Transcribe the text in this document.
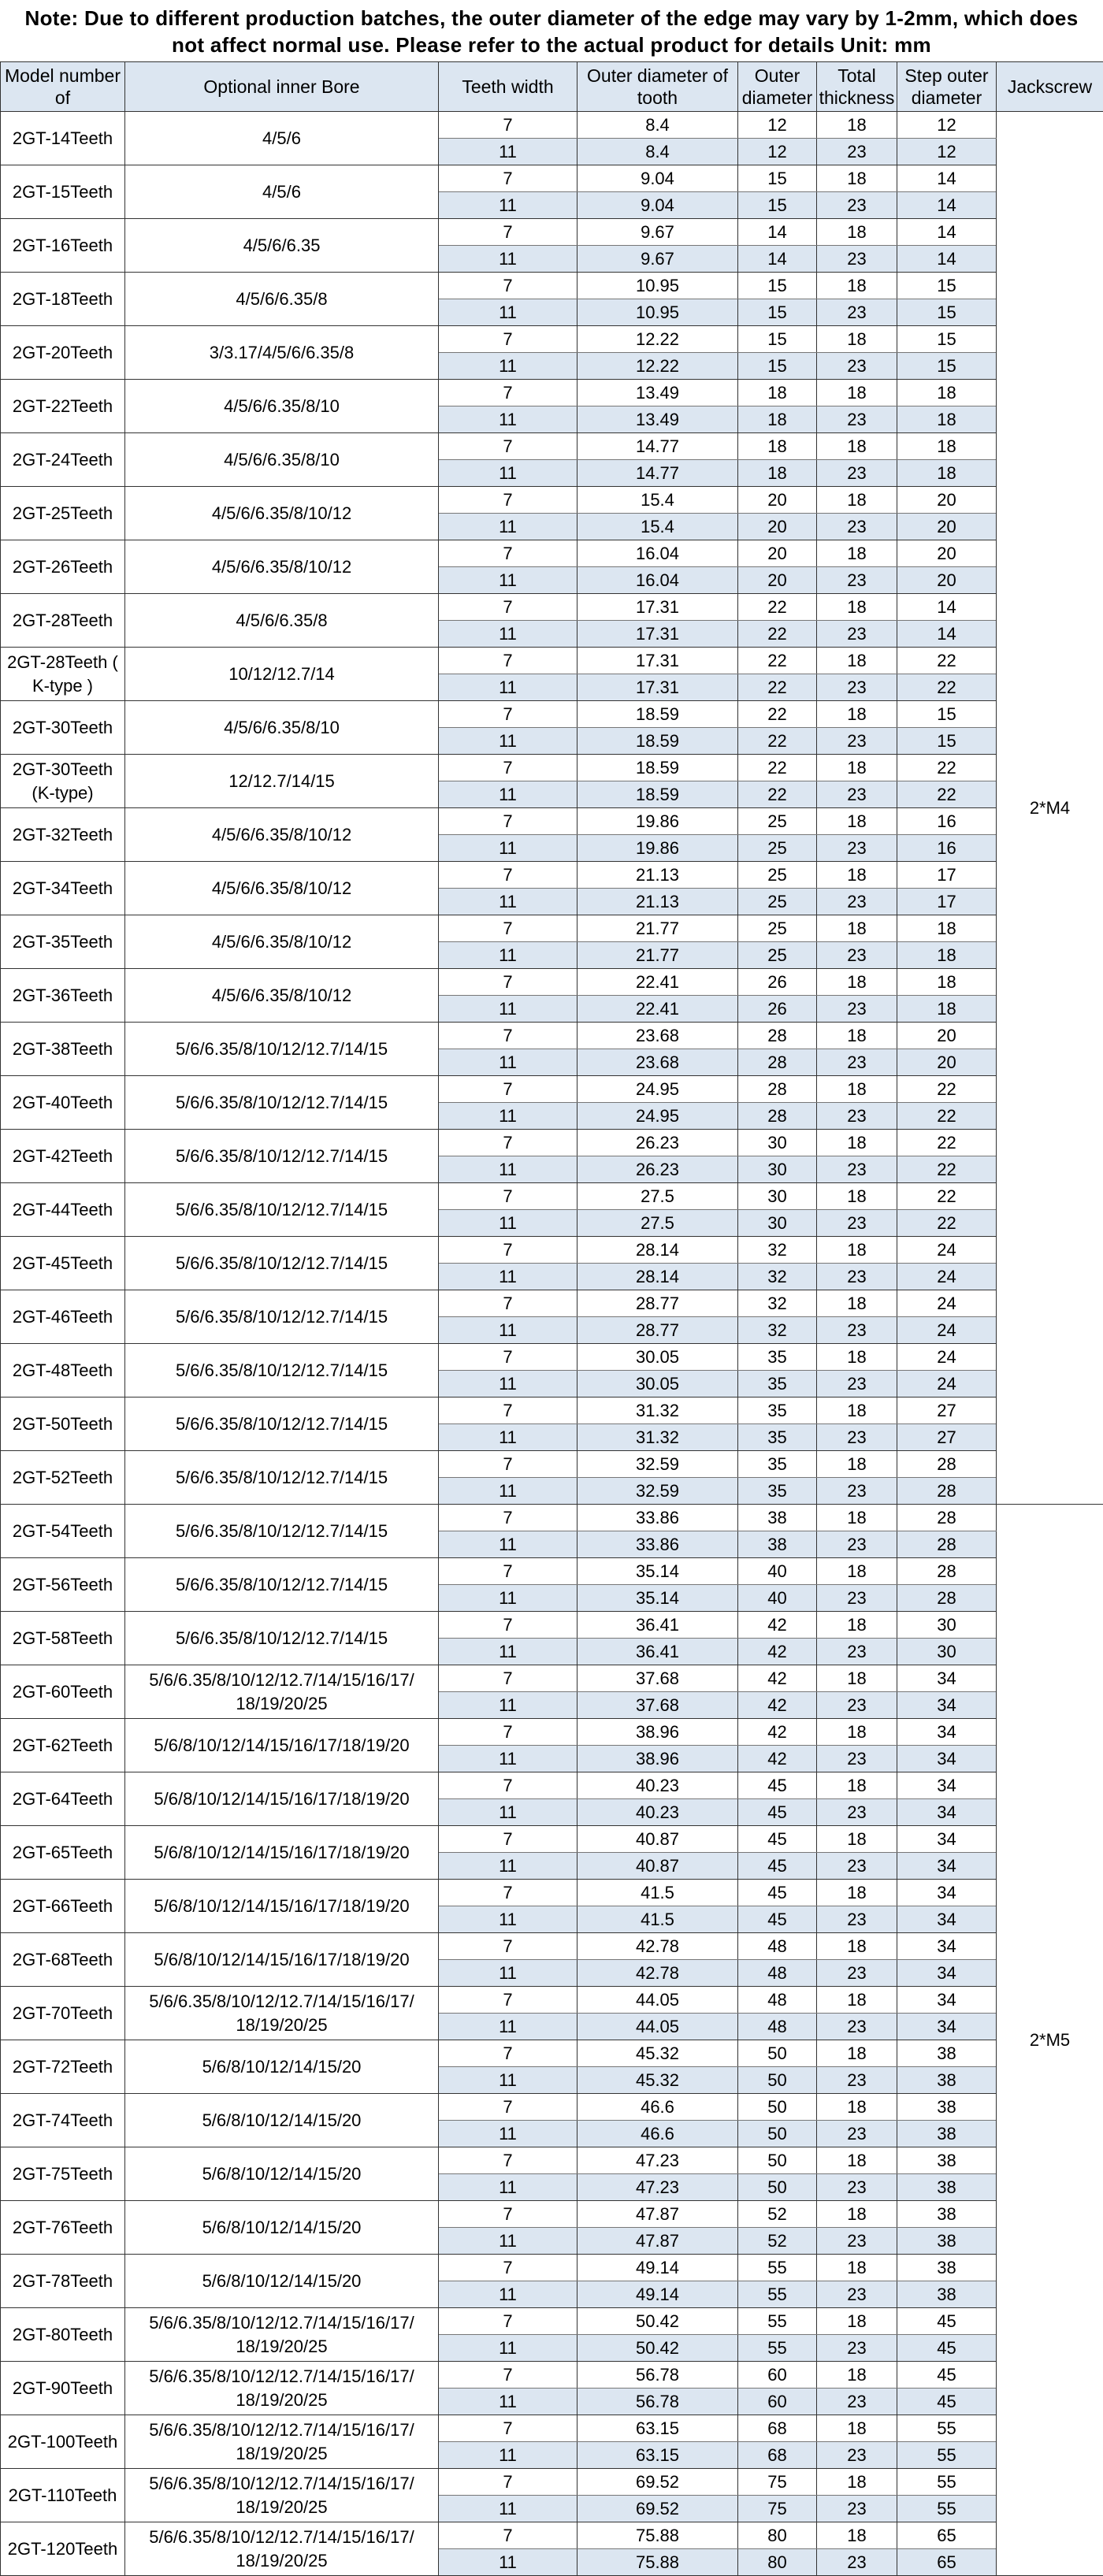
Note: Due to different production batches, the outer diameter of the edge may vary by 1-2mm, which does not affect normal use. Please refer to the actual product for details Unit: mm
Model number of	Optional inner Bore	Teeth width	Outer diameter of tooth	Outer diameter	Total thickness	Step outer diameter	Jackscrew
2GT-14Teeth	4/5/6	7	8.4	12	18	12	2*M4
		11	8.4	12	23	12	
2GT-15Teeth	4/5/6	7	9.04	15	18	14	
		11	9.04	15	23	14	
2GT-16Teeth	4/5/6/6.35	7	9.67	14	18	14	
		11	9.67	14	23	14	
2GT-18Teeth	4/5/6/6.35/8	7	10.95	15	18	15	
		11	10.95	15	23	15	
2GT-20Teeth	3/3.17/4/5/6/6.35/8	7	12.22	15	18	15	
		11	12.22	15	23	15	
2GT-22Teeth	4/5/6/6.35/8/10	7	13.49	18	18	18	
		11	13.49	18	23	18	
2GT-24Teeth	4/5/6/6.35/8/10	7	14.77	18	18	18	
		11	14.77	18	23	18	
2GT-25Teeth	4/5/6/6.35/8/10/12	7	15.4	20	18	20	
		11	15.4	20	23	20	
2GT-26Teeth	4/5/6/6.35/8/10/12	7	16.04	20	18	20	
		11	16.04	20	23	20	
2GT-28Teeth	4/5/6/6.35/8	7	17.31	22	18	14	
		11	17.31	22	23	14	
2GT-28Teeth ( K-type )	10/12/12.7/14	7	17.31	22	18	22	
		11	17.31	22	23	22	
2GT-30Teeth	4/5/6/6.35/8/10	7	18.59	22	18	15	
		11	18.59	22	23	15	
2GT-30Teeth (K-type)	12/12.7/14/15	7	18.59	22	18	22	
		11	18.59	22	23	22	
2GT-32Teeth	4/5/6/6.35/8/10/12	7	19.86	25	18	16	
		11	19.86	25	23	16	
2GT-34Teeth	4/5/6/6.35/8/10/12	7	21.13	25	18	17	
		11	21.13	25	23	17	
2GT-35Teeth	4/5/6/6.35/8/10/12	7	21.77	25	18	18	
		11	21.77	25	23	18	
2GT-36Teeth	4/5/6/6.35/8/10/12	7	22.41	26	18	18	
		11	22.41	26	23	18	
2GT-38Teeth	5/6/6.35/8/10/12/12.7/14/15	7	23.68	28	18	20	
		11	23.68	28	23	20	
2GT-40Teeth	5/6/6.35/8/10/12/12.7/14/15	7	24.95	28	18	22	
		11	24.95	28	23	22	
2GT-42Teeth	5/6/6.35/8/10/12/12.7/14/15	7	26.23	30	18	22	
		11	26.23	30	23	22	
2GT-44Teeth	5/6/6.35/8/10/12/12.7/14/15	7	27.5	30	18	22	
		11	27.5	30	23	22	
2GT-45Teeth	5/6/6.35/8/10/12/12.7/14/15	7	28.14	32	18	24	
		11	28.14	32	23	24	
2GT-46Teeth	5/6/6.35/8/10/12/12.7/14/15	7	28.77	32	18	24	
		11	28.77	32	23	24	
2GT-48Teeth	5/6/6.35/8/10/12/12.7/14/15	7	30.05	35	18	24	
		11	30.05	35	23	24	
2GT-50Teeth	5/6/6.35/8/10/12/12.7/14/15	7	31.32	35	18	27	
		11	31.32	35	23	27	
2GT-52Teeth	5/6/6.35/8/10/12/12.7/14/15	7	32.59	35	18	28	
		11	32.59	35	23	28	
2GT-54Teeth	5/6/6.35/8/10/12/12.7/14/15	7	33.86	38	18	28	2*M5
		11	33.86	38	23	28	
2GT-56Teeth	5/6/6.35/8/10/12/12.7/14/15	7	35.14	40	18	28	
		11	35.14	40	23	28	
2GT-58Teeth	5/6/6.35/8/10/12/12.7/14/15	7	36.41	42	18	30	
		11	36.41	42	23	30	
2GT-60Teeth	5/6/6.35/8/10/12/12.7/14/15/16/17/ 18/19/20/25	7	37.68	42	18	34	
		11	37.68	42	23	34	
2GT-62Teeth	5/6/8/10/12/14/15/16/17/18/19/20	7	38.96	42	18	34	
		11	38.96	42	23	34	
2GT-64Teeth	5/6/8/10/12/14/15/16/17/18/19/20	7	40.23	45	18	34	
		11	40.23	45	23	34	
2GT-65Teeth	5/6/8/10/12/14/15/16/17/18/19/20	7	40.87	45	18	34	
		11	40.87	45	23	34	
2GT-66Teeth	5/6/8/10/12/14/15/16/17/18/19/20	7	41.5	45	18	34	
		11	41.5	45	23	34	
2GT-68Teeth	5/6/8/10/12/14/15/16/17/18/19/20	7	42.78	48	18	34	
		11	42.78	48	23	34	
2GT-70Teeth	5/6/6.35/8/10/12/12.7/14/15/16/17/ 18/19/20/25	7	44.05	48	18	34	
		11	44.05	48	23	34	
2GT-72Teeth	5/6/8/10/12/14/15/20	7	45.32	50	18	38	
		11	45.32	50	23	38	
2GT-74Teeth	5/6/8/10/12/14/15/20	7	46.6	50	18	38	
		11	46.6	50	23	38	
2GT-75Teeth	5/6/8/10/12/14/15/20	7	47.23	50	18	38	
		11	47.23	50	23	38	
2GT-76Teeth	5/6/8/10/12/14/15/20	7	47.87	52	18	38	
		11	47.87	52	23	38	
2GT-78Teeth	5/6/8/10/12/14/15/20	7	49.14	55	18	38	
		11	49.14	55	23	38	
2GT-80Teeth	5/6/6.35/8/10/12/12.7/14/15/16/17/ 18/19/20/25	7	50.42	55	18	45	
		11	50.42	55	23	45	
2GT-90Teeth	5/6/6.35/8/10/12/12.7/14/15/16/17/ 18/19/20/25	7	56.78	60	18	45	
		11	56.78	60	23	45	
2GT-100Teeth	5/6/6.35/8/10/12/12.7/14/15/16/17/ 18/19/20/25	7	63.15	68	18	55	
		11	63.15	68	23	55	
2GT-110Teeth	5/6/6.35/8/10/12/12.7/14/15/16/17/ 18/19/20/25	7	69.52	75	18	55	
		11	69.52	75	23	55	
2GT-120Teeth	5/6/6.35/8/10/12/12.7/14/15/16/17/ 18/19/20/25	7	75.88	80	18	65	
		11	75.88	80	23	65	
